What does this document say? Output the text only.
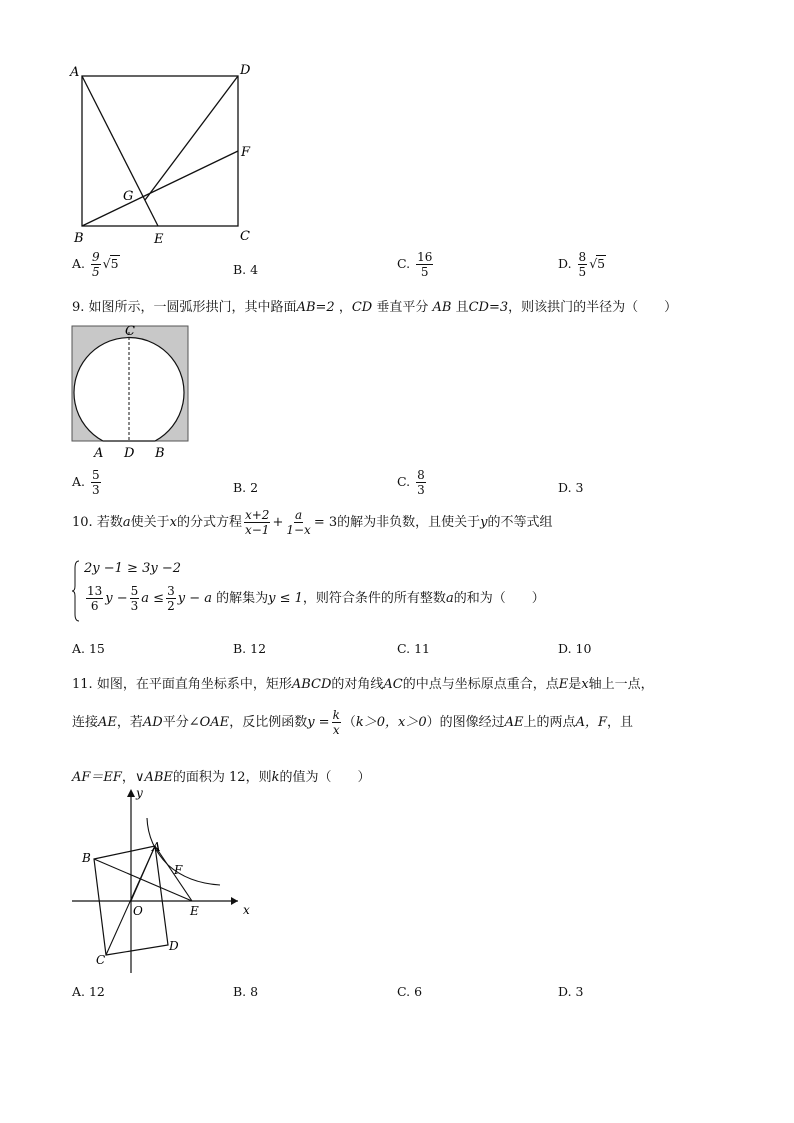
A	D
F
G
B	E	C
A. $\frac{9}{5} √5$	B. 4	C. $\frac{16}{5}$	D. $\frac{8}{5} √5$
9. 如图所示，一圆弧形拱门，其中路面AB=2 ，CD 垂直平分 AB 且CD=3，则该拱门的半径为（　　）
C
A D B
A. $\frac{5}{3}$	B. 2	C. $\frac{8}{3}$	D. 3
10. 若数a使关于x的分式方程 $\frac{x+2}{x-1} + \frac{a}{1-x} = 3$的解为非负数，且使关于y的不等式组
2y −1 ≥ 3y −2
$\frac{13}{6}$ $y - \frac{5}{3}$ $a \le \frac{3}{2}$ y − a 的解集为y ≤ 1，则符合条件的所有整数a的和为（　　）
A. 15	B. 12	C. 11	D. 10
11. 如图，在平面直角坐标系中，矩形ABCD的对角线AC的中点与坐标原点重合，点E是x轴上一点，
连接AE，若AD平分∠OAE，反比例函数$y = \frac{k}{x} (k>0$，x＞0）的图像经过AE上的两点A，F，且
AF＝EF，∨ABE的面积为 12，则k的值为（　　）
y
A
B
F
O	E	x
C
D
A. 12	B. 8	C. 6	D. 3
